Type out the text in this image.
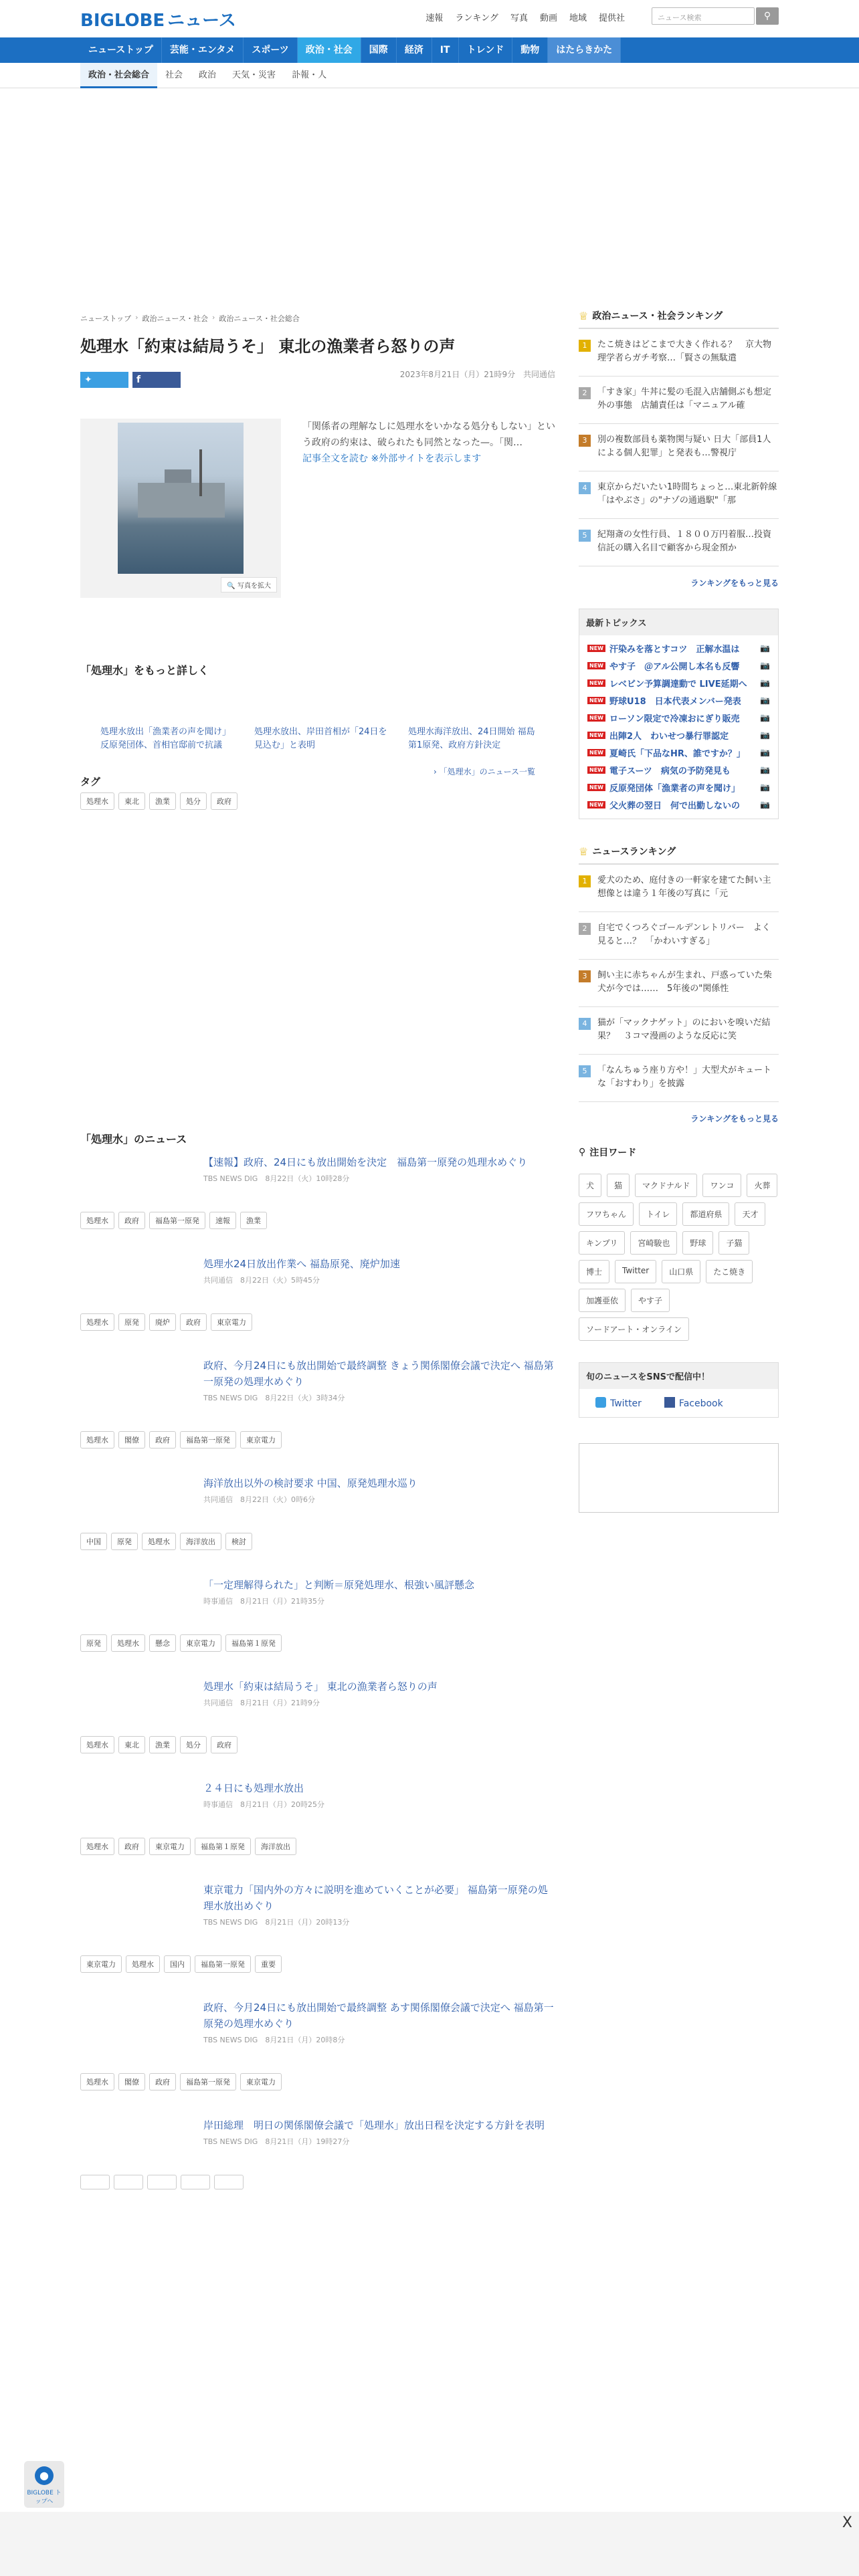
BIGLOBE ニュース	速報 ランキング 写真 動画 地域 提供社	ニュース検索	⚲
ニューストップ	芸能・エンタメ	スポーツ	政治・社会	国際	経済	IT	トレンド	動物	はたらきかた
政治・社会総合	社会	政治	天気・災害	訃報・人
ニューストップ › 政治ニュース・社会 › 政治ニュース・社会総合
処理水「約束は結局うそ」 東北の漁業者ら怒りの声
2023年8月21日（月）21時9分 共同通信
✦	f
🔍 写真を拡大

「関係者の理解なしに処理水をいかなる処分もしない」という政府の約束は、破られたも同然となった—。「関…

記事全文を読む ※外部サイトを表示します
「処理水」をもっと詳しく
処理水放出「漁業者の声を聞け」 反原発団体、首相官邸前で抗議
処理水放出、岸田首相が「24日を見込む」と表明
処理水海洋放出、24日開始 福島第1原発、政府方針決定
› 「処理水」のニュース一覧
タグ
処理水	東北	漁業	処分	政府
「処理水」のニュース
【速報】政府、24日にも放出開始を決定　福島第一原発の処理水めぐり
TBS NEWS DIG　8月22日（火）10時28分
処理水	政府	福島第一原発	速報	漁業
処理水24日放出作業へ 福島原発、廃炉加速
共同通信　8月22日（火）5時45分
処理水	原発	廃炉	政府	東京電力
政府、今月24日にも放出開始で最終調整 きょう関係閣僚会議で決定へ 福島第一原発の処理水めぐり
TBS NEWS DIG　8月22日（火）3時34分
処理水	閣僚	政府	福島第一原発	東京電力
海洋放出以外の検討要求 中国、原発処理水巡り
共同通信　8月22日（火）0時6分
中国	原発	処理水	海洋放出	検討
「一定理解得られた」と判断＝原発処理水、根強い風評懸念
時事通信　8月21日（月）21時35分
原発	処理水	懸念	東京電力	福島第１原発
処理水「約束は結局うそ」 東北の漁業者ら怒りの声
共同通信　8月21日（月）21時9分
処理水	東北	漁業	処分	政府
２４日にも処理水放出
時事通信　8月21日（月）20時25分
処理水	政府	東京電力	福島第１原発	海洋放出
東京電力「国内外の方々に説明を進めていくことが必要」 福島第一原発の処理水放出めぐり
TBS NEWS DIG　8月21日（月）20時13分
東京電力	処理水	国内	福島第一原発	重要
政府、今月24日にも放出開始で最終調整 あす関係閣僚会議で決定へ 福島第一原発の処理水めぐり
TBS NEWS DIG　8月21日（月）20時8分
処理水	閣僚	政府	福島第一原発	東京電力
岸田総理　明日の関係閣僚会議で「処理水」放出日程を決定する方針を表明
TBS NEWS DIG　8月21日（月）19時27分
♕ 政治ニュース・社会ランキング
1	たこ焼きはどこまで大きく作れる？　京大物理学者らガチ考察…「賢さの無駄遣
2	「すき家」牛丼に髪の毛混入店舗側ぶも想定外の事態　店舗責任は「マニュアル確
3	別の複数部員も薬物関与疑い 日大「部員1人による個人犯罪」と発表も…警視庁
4	東京からだいたい1時間ちょっと…東北新幹線「はやぶさ」の"ナゾの通過駅"「那
5	紀翔斎の女性行員、１８００万円着服…投資信託の購入名目で顧客から現金預か
ランキングをもっと見る
最新トピックス
NEW 汗染みを落とすコツ　正解水温は	📷
NEW やす子　＠アル公開し本名も反響	📷
NEW レベビン予算調達動で LIVE延期へ 📷
NEW 野球U18　日本代表メンバー発表 📷
NEW ローソン限定で冷凍おにぎり販売	📷
NEW 出陣2人　わいせつ暴行罪認定	📷
NEW 夏崎氏「下品なHR、誰ですか？」 📷
NEW 電子スーツ　病気の予防発見も	📷
NEW 反原発団体「漁業者の声を聞け」	📷
NEW 父火葬の翌日　何で出勤しないの	📷
♕ ニュースランキング
1	愛犬のため、庭付きの一軒家を建てた飼い主　想像とは違う１年後の写真に「元
2	自宅でくつろぐゴールデンレトリバー　よく見ると…？　「かわいすぎる」
3	飼い主に赤ちゃんが生まれ、戸惑っていた柴犬が今では……　5年後の"関係性
4	猫が「マックナゲット」のにおいを嗅いだ結果？　３コマ漫画のような反応に笑
5	「なんちゅう座り方や！」大型犬がキュートな「おすわり」を披露
ランキングをもっと見る
⚲ 注目ワード
犬	猫	マクドナルド	ワンコ	火葬
フワちゃん	トイレ	都道府県	天才
キンプリ	宮崎駿也	野球	子猫
博士	Twitter	山口県	たこ焼き
加護亜依	やす子
ソードアート・オンライン
旬のニュースをSNSで配信中！
Twitter	Facebook
●
BIGLOBE トップへ
X
